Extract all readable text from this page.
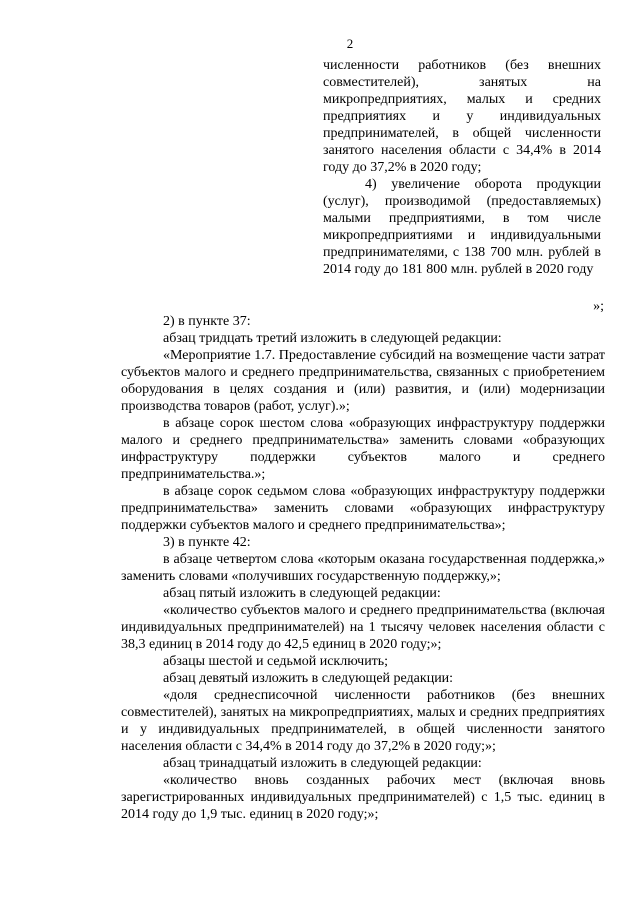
2

численности работников (без внешних совместителей), занятых на микропредприятиях, малых и средних предприятиях и у индивидуальных предпринимателей, в общей численности занятого населения области с 34,4% в 2014 году до 37,2% в 2020 году;

4) увеличение оборота продукции (услуг), производимой (предоставляемых) малыми предприятиями, в том числе микропредприятиями и индивидуальными предпринимателями, с 138 700 млн. рублей в 2014 году до 181 800 млн. рублей в 2020 году

»;

2) в пункте 37:

абзац тридцать третий изложить в следующей редакции:

«Мероприятие 1.7. Предоставление субсидий на возмещение части затрат субъектов малого и среднего предпринимательства, связанных с приобретением оборудования в целях создания и (или) развития, и (или) модернизации производства товаров (работ, услуг).»;

в абзаце сорок шестом слова «образующих инфраструктуру поддержки малого и среднего предпринимательства» заменить словами «образующих инфраструктуру поддержки субъектов малого и среднего предпринимательства.»;

в абзаце сорок седьмом слова «образующих инфраструктуру поддержки предпринимательства» заменить словами «образующих инфраструктуру поддержки субъектов малого и среднего предпринимательства»;

3) в пункте 42:

в абзаце четвертом слова «которым оказана государственная поддержка,» заменить словами «получивших государственную поддержку,»;

абзац пятый изложить в следующей редакции:

«количество субъектов малого и среднего предпринимательства (включая индивидуальных предпринимателей) на 1 тысячу человек населения области с 38,3 единиц в 2014 году до 42,5 единиц в 2020 году;»;

абзацы шестой и седьмой исключить;

абзац девятый изложить в следующей редакции:

«доля среднесписочной численности работников (без внешних совместителей), занятых на микропредприятиях, малых и средних предприятиях и у индивидуальных предпринимателей, в общей численности занятого населения области с 34,4% в 2014 году до 37,2% в 2020 году;»;

абзац тринадцатый изложить в следующей редакции:

«количество вновь созданных рабочих мест (включая вновь зарегистрированных индивидуальных предпринимателей) с 1,5 тыс. единиц в 2014 году до 1,9 тыс. единиц в 2020 году;»;
